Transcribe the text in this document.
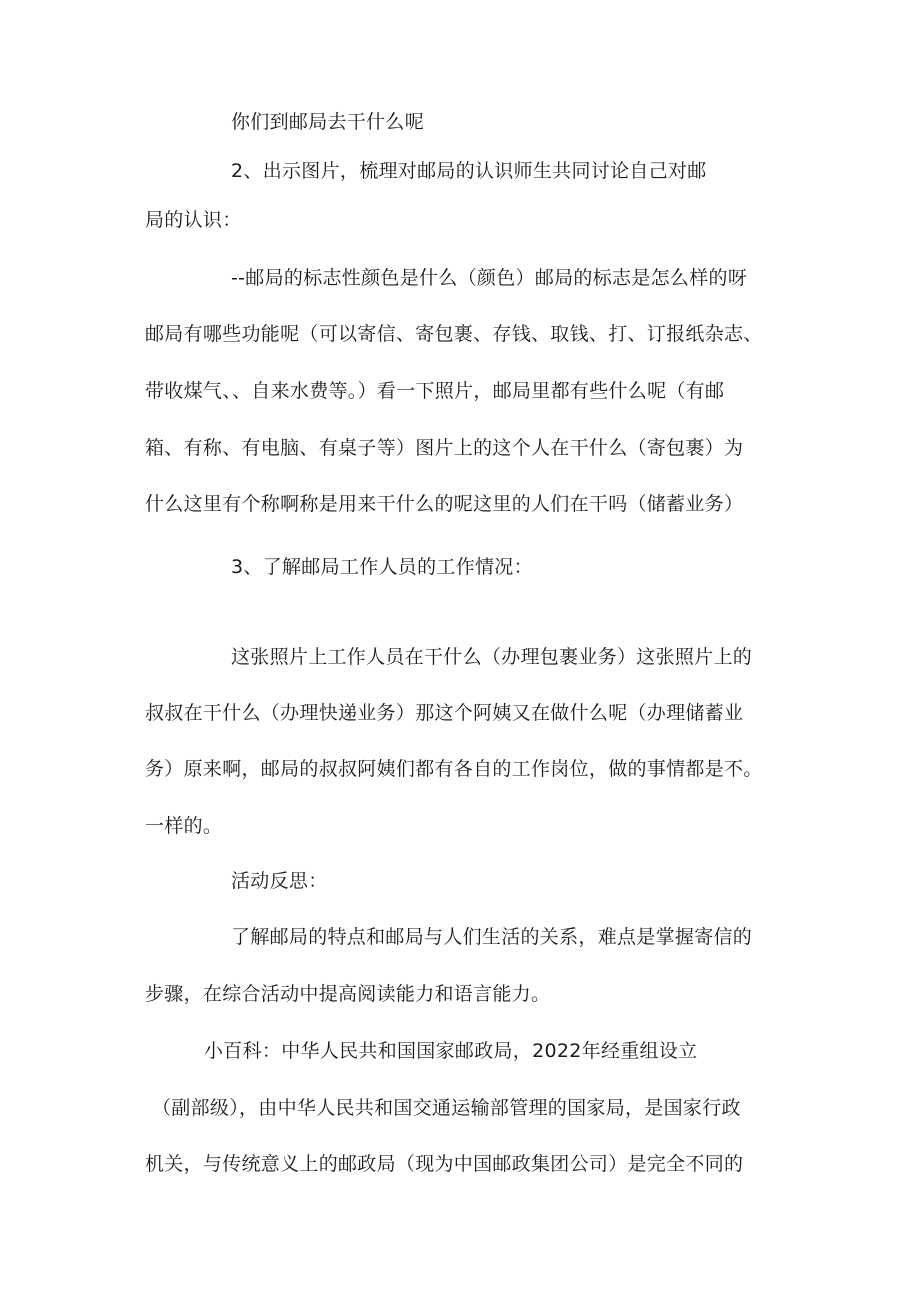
你们到邮局去干什么呢
2、出示图片，梳理对邮局的认识师生共同讨论自己对邮
局的认识：
--邮局的标志性颜色是什么（颜色）邮局的标志是怎么样的呀
邮局有哪些功能呢（可以寄信、寄包裹、存钱、取钱、打、订报纸杂志、
带收煤气、、自来水费等。）看一下照片，邮局里都有些什么呢（有邮
箱、有称、有电脑、有桌子等）图片上的这个人在干什么（寄包裹）为
什么这里有个称啊称是用来干什么的呢这里的人们在干吗（储蓄业务）
3、了解邮局工作人员的工作情况：
这张照片上工作人员在干什么（办理包裹业务）这张照片上的
叔叔在干什么（办理快递业务）那这个阿姨又在做什么呢（办理储蓄业
务）原来啊，邮局的叔叔阿姨们都有各自的工作岗位，做的事情都是不。
一样的。
活动反思：
了解邮局的特点和邮局与人们生活的关系，难点是掌握寄信的
步骤，在综合活动中提高阅读能力和语言能力。
小百科：中华人民共和国国家邮政局，2022年经重组设立
（副部级），由中华人民共和国交通运输部管理的国家局，是国家行政
机关，与传统意义上的邮政局（现为中国邮政集团公司）是完全不同的
